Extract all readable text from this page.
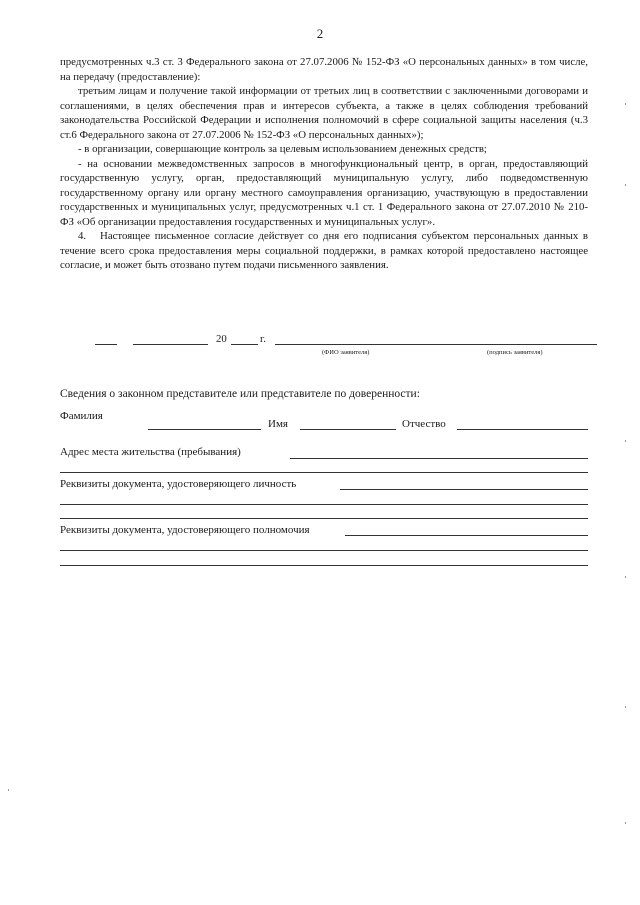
2

предусмотренных ч.3 ст. 3 Федерального закона от 27.07.2006 № 152-ФЗ «О персональных данных» в том числе, на передачу (предоставление):

третьим лицам и получение такой информации от третьих лиц в соответствии с заключенными договорами и соглашениями, в целях обеспечения прав и интересов субъекта, а также в целях соблюдения требований законодательства Российской Федерации и исполнения полномочий в сфере социальной защиты населения (ч.3 ст.6 Федерального закона от 27.07.2006 № 152-ФЗ «О персональных данных»);

- в организации, совершающие контроль за целевым использованием денежных средств;

- на основании межведомственных запросов в многофункциональный центр, в орган, предоставляющий государственную услугу, орган, предоставляющий муниципальную услугу, либо подведомственную государственному органу или органу местного самоуправления организацию, участвующую в предоставлении государственных и муниципальных услуг, предусмотренных ч.1 ст. 1 Федерального закона от 27.07.2010 № 210-ФЗ «Об организации предоставления государственных и муниципальных услуг».

4.   Настоящее письменное согласие действует со дня его подписания субъектом персональных данных в течение всего срока предоставления меры социальной поддержки, в рамках которой предоставлено настоящее согласие, и может быть отозвано путем подачи письменного заявления.

20	г.
(ФИО заявителя)	(подпись заявителя)
Сведения о законном представителе или представителе по доверенности:
Фамилия
Имя	Отчество
Адрес места жительства (пребывания)
Реквизиты документа, удостоверяющего личность
Реквизиты документа, удостоверяющего полномочия
